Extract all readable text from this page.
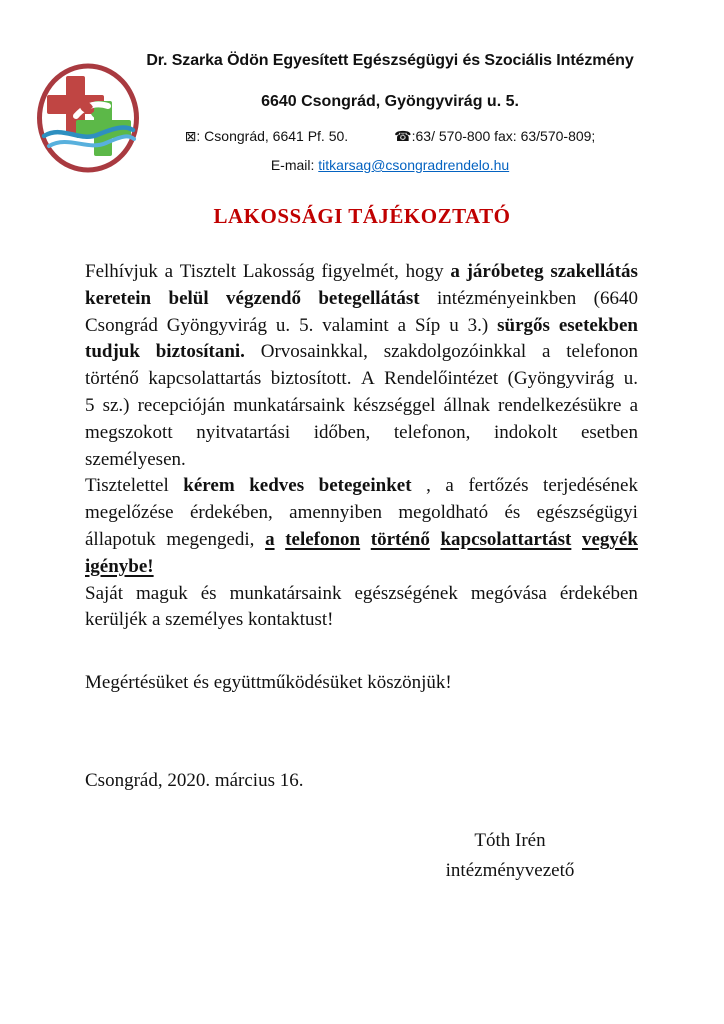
Dr. Szarka Ödön Egyesített Egészségügyi és Szociális Intézmény
6640 Csongrád, Gyöngyvirág u. 5.
⊠: Csongrád, 6641 Pf. 50.	☎:63/ 570-800 fax: 63/570-809;
E-mail: titkarsag@csongradrendelo.hu
LAKOSSÁGI TÁJÉKOZTATÓ
Felhívjuk a Tisztelt Lakosság figyelmét, hogy a járóbeteg szakellátás
keretein belül végzendő betegellátást intézményeinkben (6640
Csongrád Gyöngyvirág u. 5. valamint a Síp u 3.) sürgős esetekben
tudjuk biztosítani. Orvosainkkal, szakdolgozóinkkal a telefonon
történő kapcsolattartás biztosított. A Rendelőintézet (Gyöngyvirág u.
5 sz.) recepcióján munkatársaink készséggel állnak rendelkezésükre a
megszokott nyitvatartási időben, telefonon, indokolt esetben
személyesen.
Tisztelettel kérem kedves betegeinket , a fertőzés terjedésének
megelőzése érdekében, amennyiben megoldható és egészségügyi
állapotuk megengedi, a telefonon történő kapcsolattartást vegyék
igénybe!
Saját maguk és munkatársaink egészségének megóvása érdekében
kerüljék a személyes kontaktust!
Megértésüket és együttműködésüket köszönjük!
Csongrád, 2020. március 16.
Tóth Irén
intézményvezető
